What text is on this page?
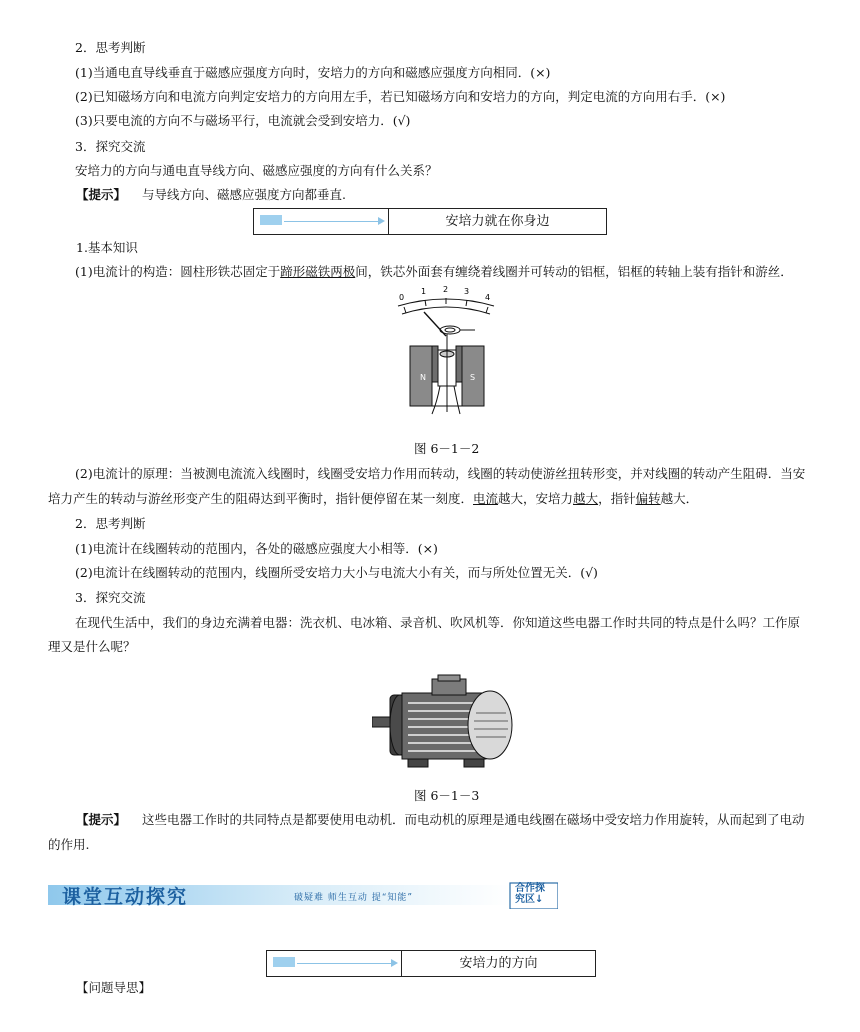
2．思考判断
(1)当通电直导线垂直于磁感应强度方向时，安培力的方向和磁感应强度方向相同．(×)
(2)已知磁场方向和电流方向判定安培力的方向用左手，若已知磁场方向和安培力的方向，判定电流的方向用右手．(×)
(3)只要电流的方向不与磁场平行，电流就会受到安培力．(√)
3．探究交流
安培力的方向与通电直导线方向、磁感应强度的方向有什么关系？
【提示】 与导线方向、磁感应强度方向都垂直.
安培力就在你身边
1.基本知识
(1)电流计的构造：圆柱形铁芯固定于蹄形磁铁两极间，铁芯外面套有缠绕着线圈并可转动的铝框，铝框的转轴上装有指针和游丝．
0
1 2 3
4
N	S
图 6－1－2
(2)电流计的原理：当被测电流流入线圈时，线圈受安培力作用而转动，线圈的转动使游丝扭转形变，并对线圈的转动产生阻碍．当安
培力产生的转动与游丝形变产生的阻碍达到平衡时，指针便停留在某一刻度．电流越大，安培力越大，指针偏转越大．
2．思考判断
(1)电流计在线圈转动的范围内，各处的磁感应强度大小相等．(×)
(2)电流计在线圈转动的范围内，线圈所受安培力大小与电流大小有关，而与所处位置无关．(√)
3．探究交流
在现代生活中，我们的身边充满着电器：洗衣机、电冰箱、录音机、吹风机等．你知道这些电器工作时共同的特点是什么吗？工作原
理又是什么呢？
图 6－1－3
【提示】 这些电器工作时的共同特点是都要使用电动机．而电动机的原理是通电线圈在磁场中受安培力作用旋转，从而起到了电动
的作用.
课堂互动探究	破疑难 师生互动 提“知能”
合作探
究区↓
安培力的方向
【问题导思】
